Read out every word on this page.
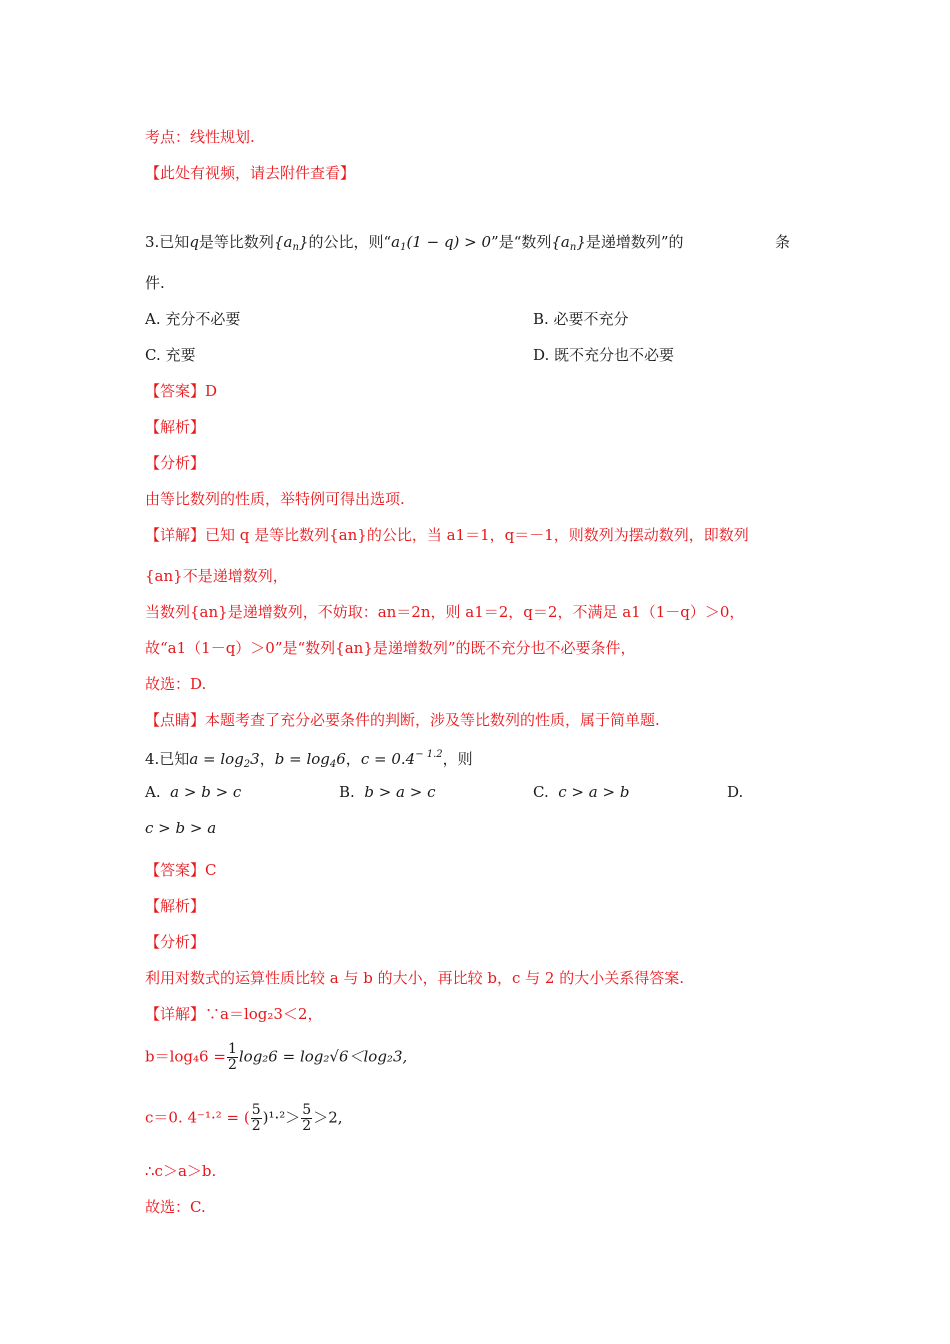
考点：线性规划.
【此处有视频，请去附件查看】
3.已知q是等比数列$\{a_n\}$的公比，则“$a_1(1 - q) > 0$”是“数列$\{a_n\}$是递增数列”的	条
件.
A. 充分不必要	B. 必要不充分
C. 充要	D. 既不充分也不必要
【答案】D
【解析】
【分析】
由等比数列的性质，举特例可得出选项.
【详解】已知 q 是等比数列{an}的公比，当 a1＝1，q＝－1，则数列为摆动数列，即数列
{an}不是递增数列，
当数列{an}是递增数列，不妨取：an＝2n，则 a1＝2，q＝2，不满足 a1（1－q）＞0，
故“a1（1－q）＞0”是“数列{an}是递增数列”的既不充分也不必要条件，
故选：D.
【点睛】本题考查了充分必要条件的判断，涉及等比数列的性质，属于简单题.
4.已知$a = \log_23$，$b = \log_46$，$c = 0.4^{- 1.2}$，则
A. a > b > c	B. b > a > c	C. c > a > b	D.
c > b > a
【答案】C
【解析】
【分析】
利用对数式的运算性质比较 a 与 b 的大小，再比较 b，c 与 2 的大小关系得答案.
【详解】∵a＝log₂3＜2，
$b=\log_46 = \frac{1}{2} \log_26 = \log_2√6<\log_23$,
c＝0. 4⁻¹·² = ( $\frac{5}{2} )^1\cdot^2> \frac{5}{2} >2$,
∴c＞a＞b.
故选：C.
